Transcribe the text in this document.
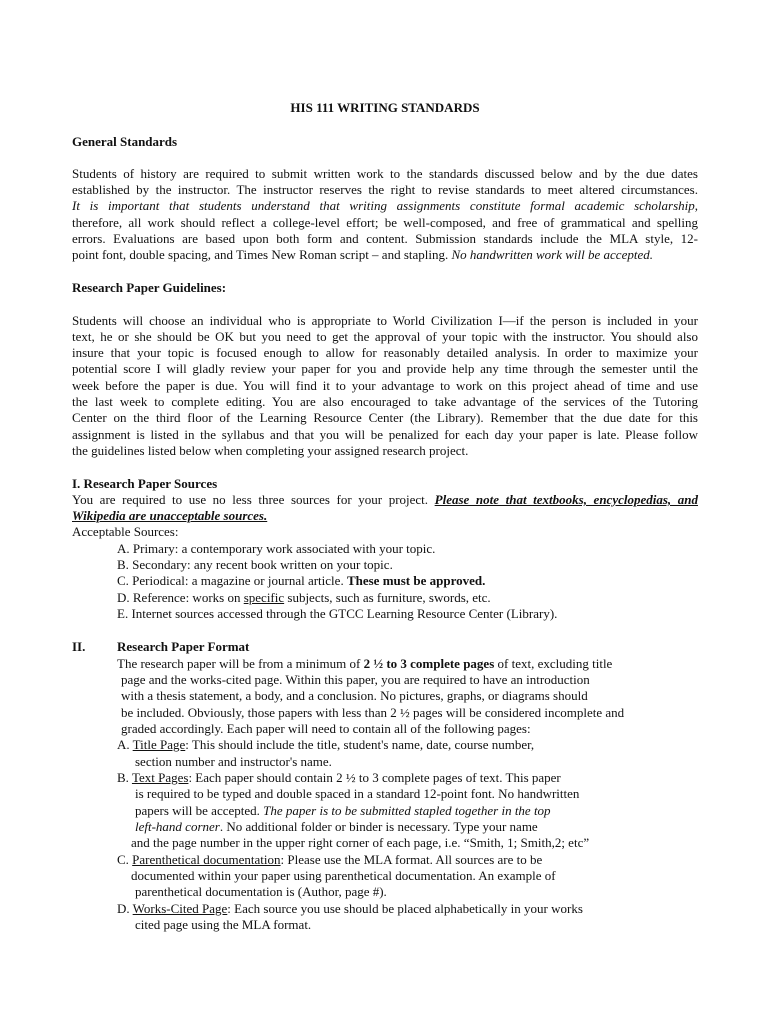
HIS 111 WRITING STANDARDS
General Standards
Students of history are required to submit written work to the standards discussed below and by the due dates
established by the instructor. The instructor reserves the right to revise standards to meet altered circumstances.
It is important that students understand that writing assignments constitute formal academic scholarship,
therefore, all work should reflect a college-level effort; be well-composed, and free of grammatical and spelling
errors. Evaluations are based upon both form and content. Submission standards include the MLA style, 12-
point font, double spacing, and Times New Roman script – and stapling. No handwritten work will be accepted.
Research Paper Guidelines:
Students will choose an individual who is appropriate to World Civilization I—if the person is included in your
text, he or she should be OK but you need to get the approval of your topic with the instructor. You should also
insure that your topic is focused enough to allow for reasonably detailed analysis. In order to maximize your
potential score I will gladly review your paper for you and provide help any time through the semester until the
week before the paper is due. You will find it to your advantage to work on this project ahead of time and use
the last week to complete editing. You are also encouraged to take advantage of the services of the Tutoring
Center on the third floor of the Learning Resource Center (the Library). Remember that the due date for this
assignment is listed in the syllabus and that you will be penalized for each day your paper is late. Please follow
the guidelines listed below when completing your assigned research project.
I. Research Paper Sources
You are required to use no less three sources for your project. Please note that textbooks, encyclopedias, and
Wikipedia are unacceptable sources.
Acceptable Sources:
A. Primary: a contemporary work associated with your topic.
B. Secondary: any recent book written on your topic.
C. Periodical: a magazine or journal article. These must be approved.
D. Reference: works on specific subjects, such as furniture, swords, etc.
E. Internet sources accessed through the GTCC Learning Resource Center (Library).
II.	Research Paper Format
The research paper will be from a minimum of 2 ½ to 3 complete pages of text, excluding title
page and the works-cited page. Within this paper, you are required to have an introduction
with a thesis statement, a body, and a conclusion. No pictures, graphs, or diagrams should
be included. Obviously, those papers with less than 2 ½ pages will be considered incomplete and
graded accordingly. Each paper will need to contain all of the following pages:
A. Title Page: This should include the title, student's name, date, course number,
section number and instructor's name.
B. Text Pages: Each paper should contain 2 ½ to 3 complete pages of text. This paper
is required to be typed and double spaced in a standard 12-point font. No handwritten
papers will be accepted. The paper is to be submitted stapled together in the top
left-hand corner. No additional folder or binder is necessary. Type your name
and the page number in the upper right corner of each page, i.e. “Smith, 1; Smith,2; etc”
C. Parenthetical documentation: Please use the MLA format. All sources are to be
documented within your paper using parenthetical documentation. An example of
parenthetical documentation is (Author, page #).
D. Works-Cited Page: Each source you use should be placed alphabetically in your works
cited page using the MLA format.
